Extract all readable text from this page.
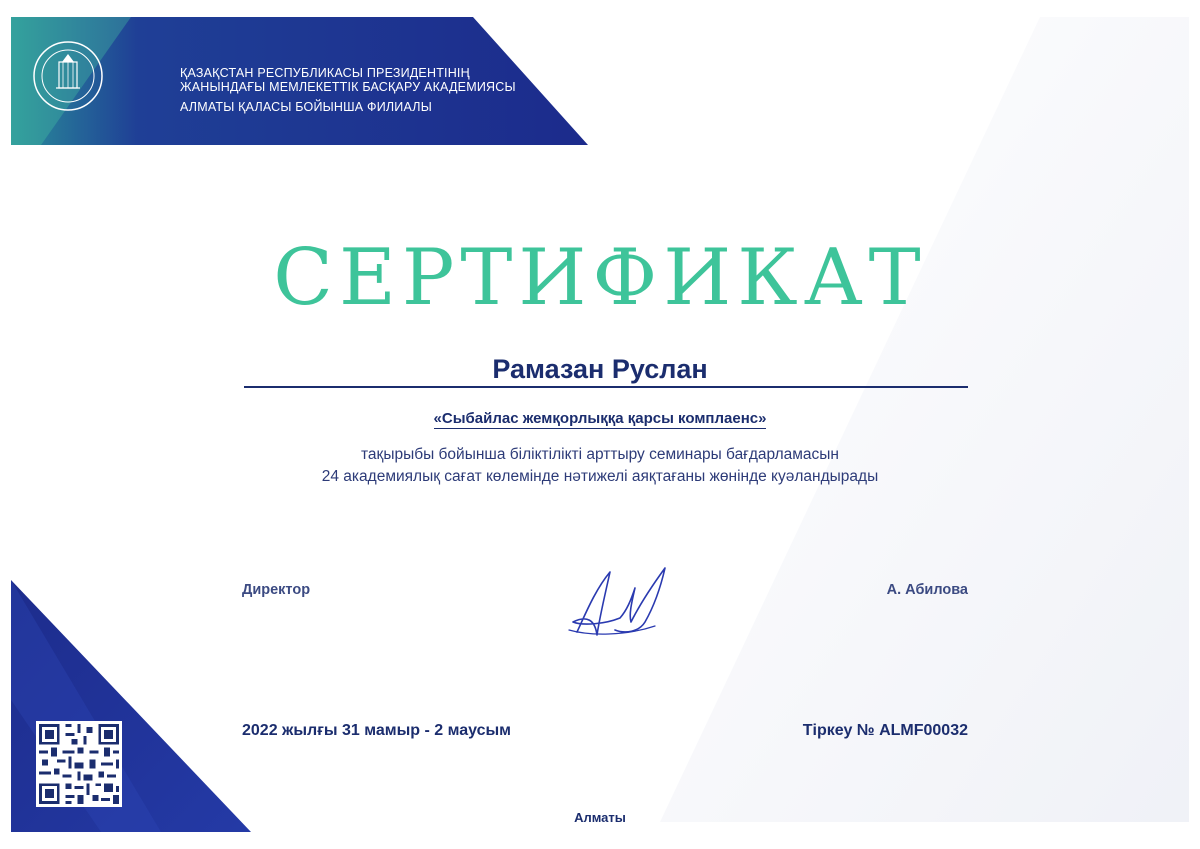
ҚАЗАҚСТАН РЕСПУБЛИКАСЫ ПРЕЗИДЕНТІНІҢ
ЖАНЫНДАҒЫ МЕМЛЕКЕТТІК БАСҚАРУ АКАДЕМИЯСЫ

АЛМАТЫ ҚАЛАСЫ БОЙЫНША ФИЛИАЛЫ
СЕРТИФИКАТ
Рамазан Руслан
«Сыбайлас жемқорлыққа қарсы комплаенс»
тақырыбы бойынша біліктілікті арттыру семинары бағдарламасын
24 академиялық сағат көлемінде нәтижелі аяқтағаны жөнінде куәландырады
Директор	А. Абилова
2022 жылғы 31 мамыр - 2 маусым	Тіркеу № ALMF00032
Алматы
